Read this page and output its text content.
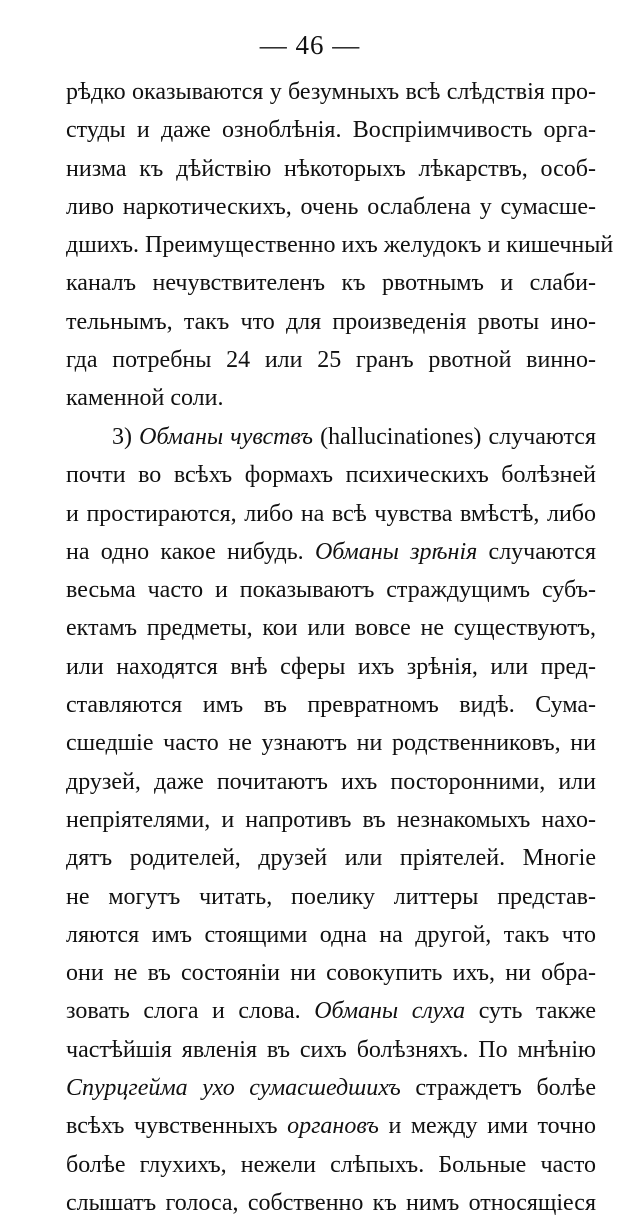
— 46 —
рѣдко оказываются у безумныхъ всѣ слѣдствія про-
студы и даже озноблѣнія. Воспріимчивость орга-
низма къ дѣйствію нѣкоторыхъ лѣкарствъ, особ-
ливо наркотическихъ, очень ослаблена у сумасше-
дшихъ. Преимущественно ихъ желудокъ и кишечный
каналъ нечувствителенъ къ рвотнымъ и слаби-
тельнымъ, такъ что для произведенія рвоты ино-
гда потребны 24 или 25 гранъ рвотной винно-
каменной соли.
3) Обманы чувствъ (hallucinationes) случаются
почти во всѣхъ формахъ психическихъ болѣзней
и простираются, либо на всѣ чувства вмѣстѣ, либо
на одно какое нибудь. Обманы зрѣнія случаются
весьма часто и показываютъ страждущимъ субъ-
ектамъ предметы, кои или вовсе не существуютъ,
или находятся внѣ сферы ихъ зрѣнія, или пред-
ставляются имъ въ превратномъ видѣ. Сума-
сшедшіе часто не узнаютъ ни родственниковъ, ни
друзей, даже почитаютъ ихъ посторонними, или
непріятелями, и напротивъ въ незнакомыхъ нахо-
дятъ родителей, друзей или пріятелей. Многіе
не могутъ читать, поелику литтеры представ-
ляются имъ стоящими одна на другой, такъ что
они не въ состояніи ни совокупить ихъ, ни обра-
зовать слога и слова. Обманы слуха суть также
частѣйшія явленія въ сихъ болѣзняхъ. По мнѣнію
Спурцгейма ухо сумасшедшихъ страждетъ болѣе
всѣхъ чувственныхъ органовъ и между ими точно
болѣе глухихъ, нежели слѣпыхъ. Больные часто
слышатъ голоса, собственно къ нимъ относящіеся
